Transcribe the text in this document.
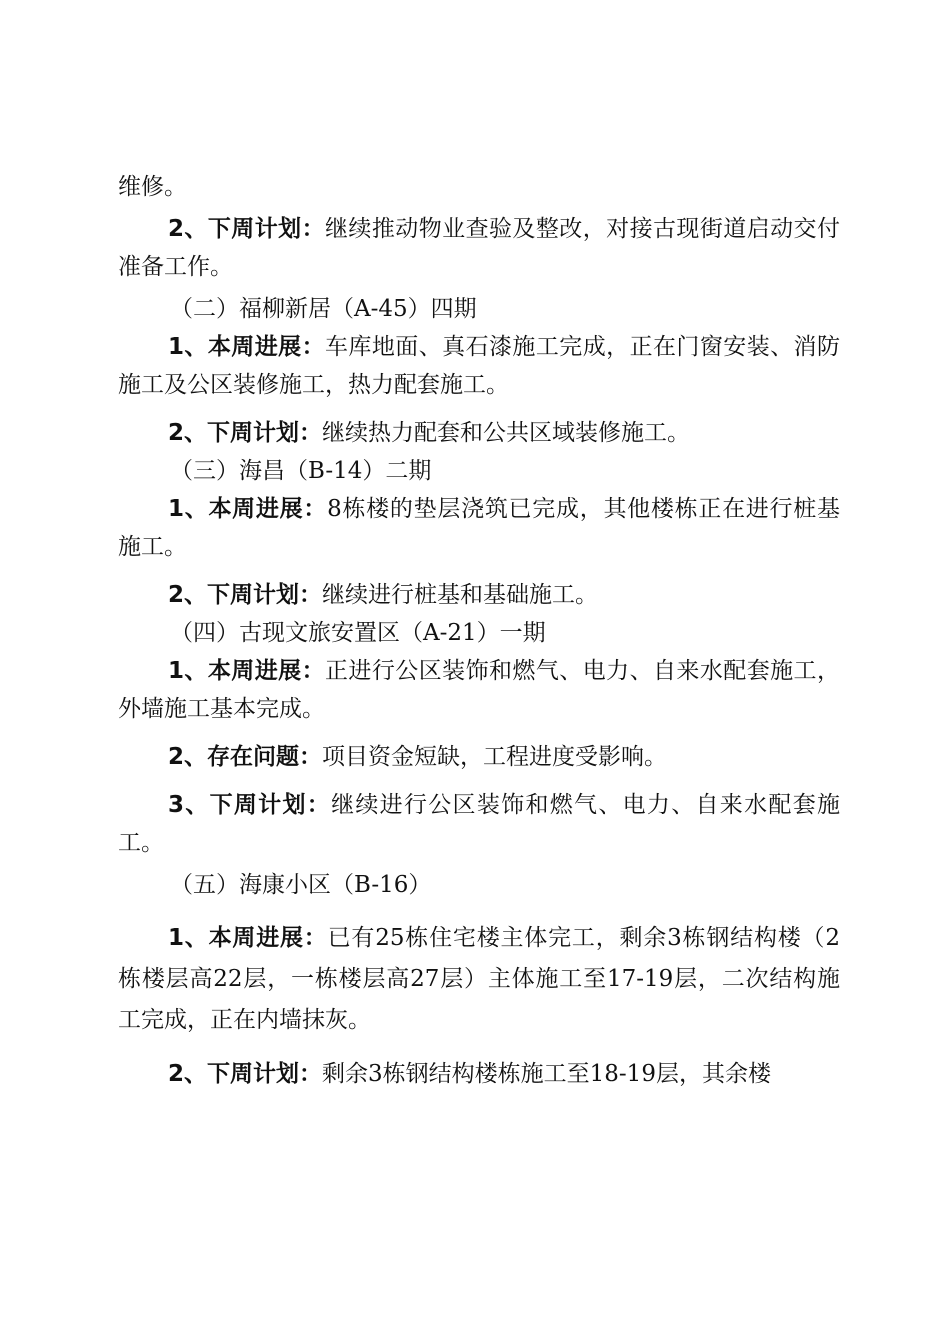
维修。

2、下周计划：继续推动物业查验及整改，对接古现街道启动交付准备工作。

（二）福柳新居（A-45）四期

1、本周进展：车库地面、真石漆施工完成，正在门窗安装、消防施工及公区装修施工，热力配套施工。

2、下周计划：继续热力配套和公共区域装修施工。

（三）海昌（B-14）二期

1、本周进展：8栋楼的垫层浇筑已完成，其他楼栋正在进行桩基施工。

2、下周计划：继续进行桩基和基础施工。

（四）古现文旅安置区（A-21）一期

1、本周进展：正进行公区装饰和燃气、电力、自来水配套施工，外墙施工基本完成。

2、存在问题：项目资金短缺，工程进度受影响。

3、下周计划：继续进行公区装饰和燃气、电力、自来水配套施工。

（五）海康小区（B-16）

1、本周进展：已有25栋住宅楼主体完工，剩余3栋钢结构楼（2栋楼层高22层，一栋楼层高27层）主体施工至17-19层，二次结构施工完成，正在内墙抹灰。

2、下周计划：剩余3栋钢结构楼栋施工至18-19层，其余楼
